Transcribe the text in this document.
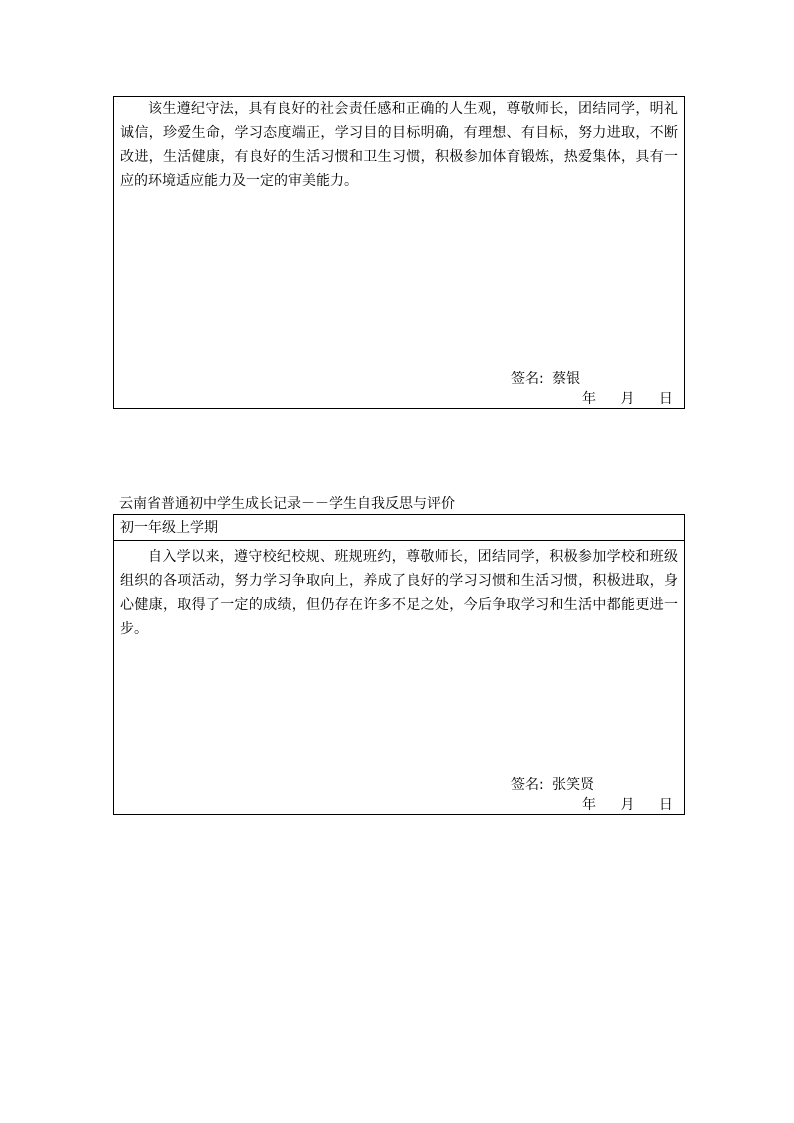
该生遵纪守法，具有良好的社会责任感和正确的人生观，尊敬师长，团结同学，明礼诚信，珍爱生命，学习态度端正，学习目的目标明确，有理想、有目标，努力进取，不断改进，生活健康，有良好的生活习惯和卫生习惯，积极参加体育锻炼，热爱集体，具有一应的环境适应能力及一定的审美能力。

签名: 蔡银
年 月 日
云南省普通初中学生成长记录－－学生自我反思与评价
初一年级上学期

自入学以来，遵守校纪校规、班规班约，尊敬师长，团结同学，积极参加学校和班级组织的各项活动，努力学习争取向上，养成了良好的学习习惯和生活习惯，积极进取，身心健康，取得了一定的成绩，但仍存在许多不足之处，今后争取学习和生活中都能更进一步。

签名: 张笑贤
年 月 日
